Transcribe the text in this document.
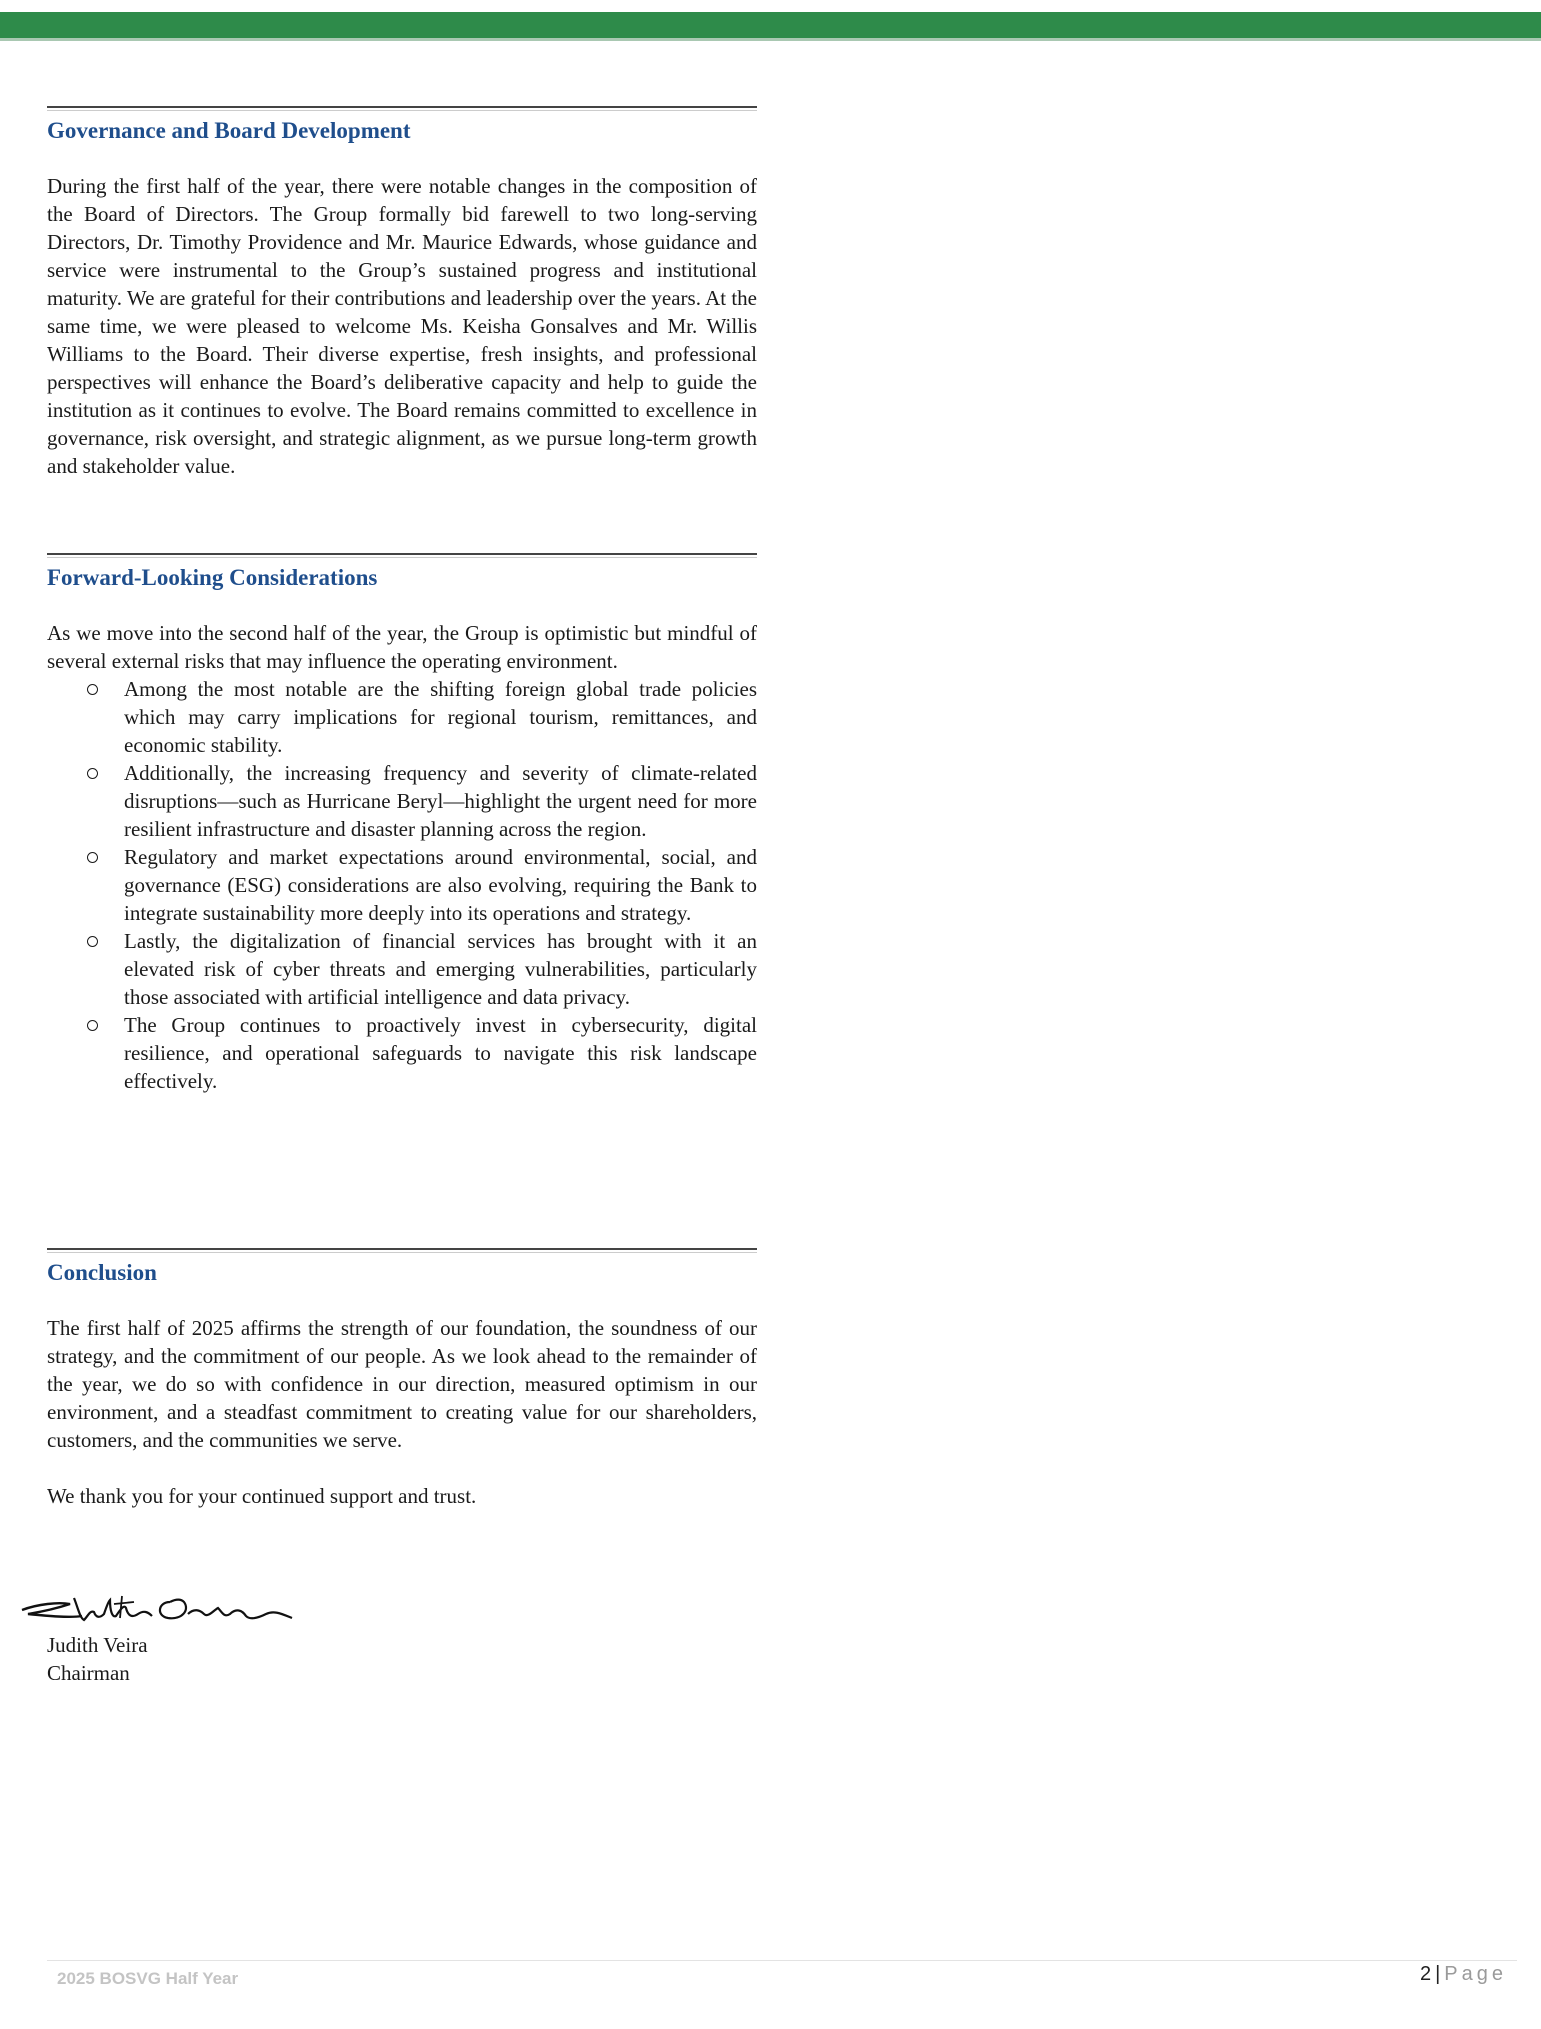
Governance and Board Development

During the first half of the year, there were notable changes in the composition of the Board of Directors. The Group formally bid farewell to two long-serving Directors, Dr. Timothy Providence and Mr. Maurice Edwards, whose guidance and service were instrumental to the Group’s sustained progress and institutional maturity. We are grateful for their contributions and leadership over the years. At the same time, we were pleased to welcome Ms. Keisha Gonsalves and Mr. Willis Williams to the Board. Their diverse expertise, fresh insights, and professional perspectives will enhance the Board’s deliberative capacity and help to guide the institution as it continues to evolve. The Board remains committed to excellence in governance, risk oversight, and strategic alignment, as we pursue long-term growth and stakeholder value.

Forward-Looking Considerations

As we move into the second half of the year, the Group is optimistic but mindful of several external risks that may influence the operating environment.

Among the most notable are the shifting foreign global trade policies which may carry implications for regional tourism, remittances, and economic stability.
Additionally, the increasing frequency and severity of climate-related disruptions—such as Hurricane Beryl—highlight the urgent need for more resilient infrastructure and disaster planning across the region.
Regulatory and market expectations around environmental, social, and governance (ESG) considerations are also evolving, requiring the Bank to integrate sustainability more deeply into its operations and strategy.
Lastly, the digitalization of financial services has brought with it an elevated risk of cyber threats and emerging vulnerabilities, particularly those associated with artificial intelligence and data privacy.
The Group continues to proactively invest in cybersecurity, digital resilience, and operational safeguards to navigate this risk landscape effectively.
Conclusion

The first half of 2025 affirms the strength of our foundation, the soundness of our strategy, and the commitment of our people. As we look ahead to the remainder of the year, we do so with confidence in our direction, measured optimism in our environment, and a steadfast commitment to creating value for our shareholders, customers, and the communities we serve.

We thank you for your continued support and trust.

Judith Veira
Judith Veira
Chairman
2025 BOSVG Half Year	2 | Page
